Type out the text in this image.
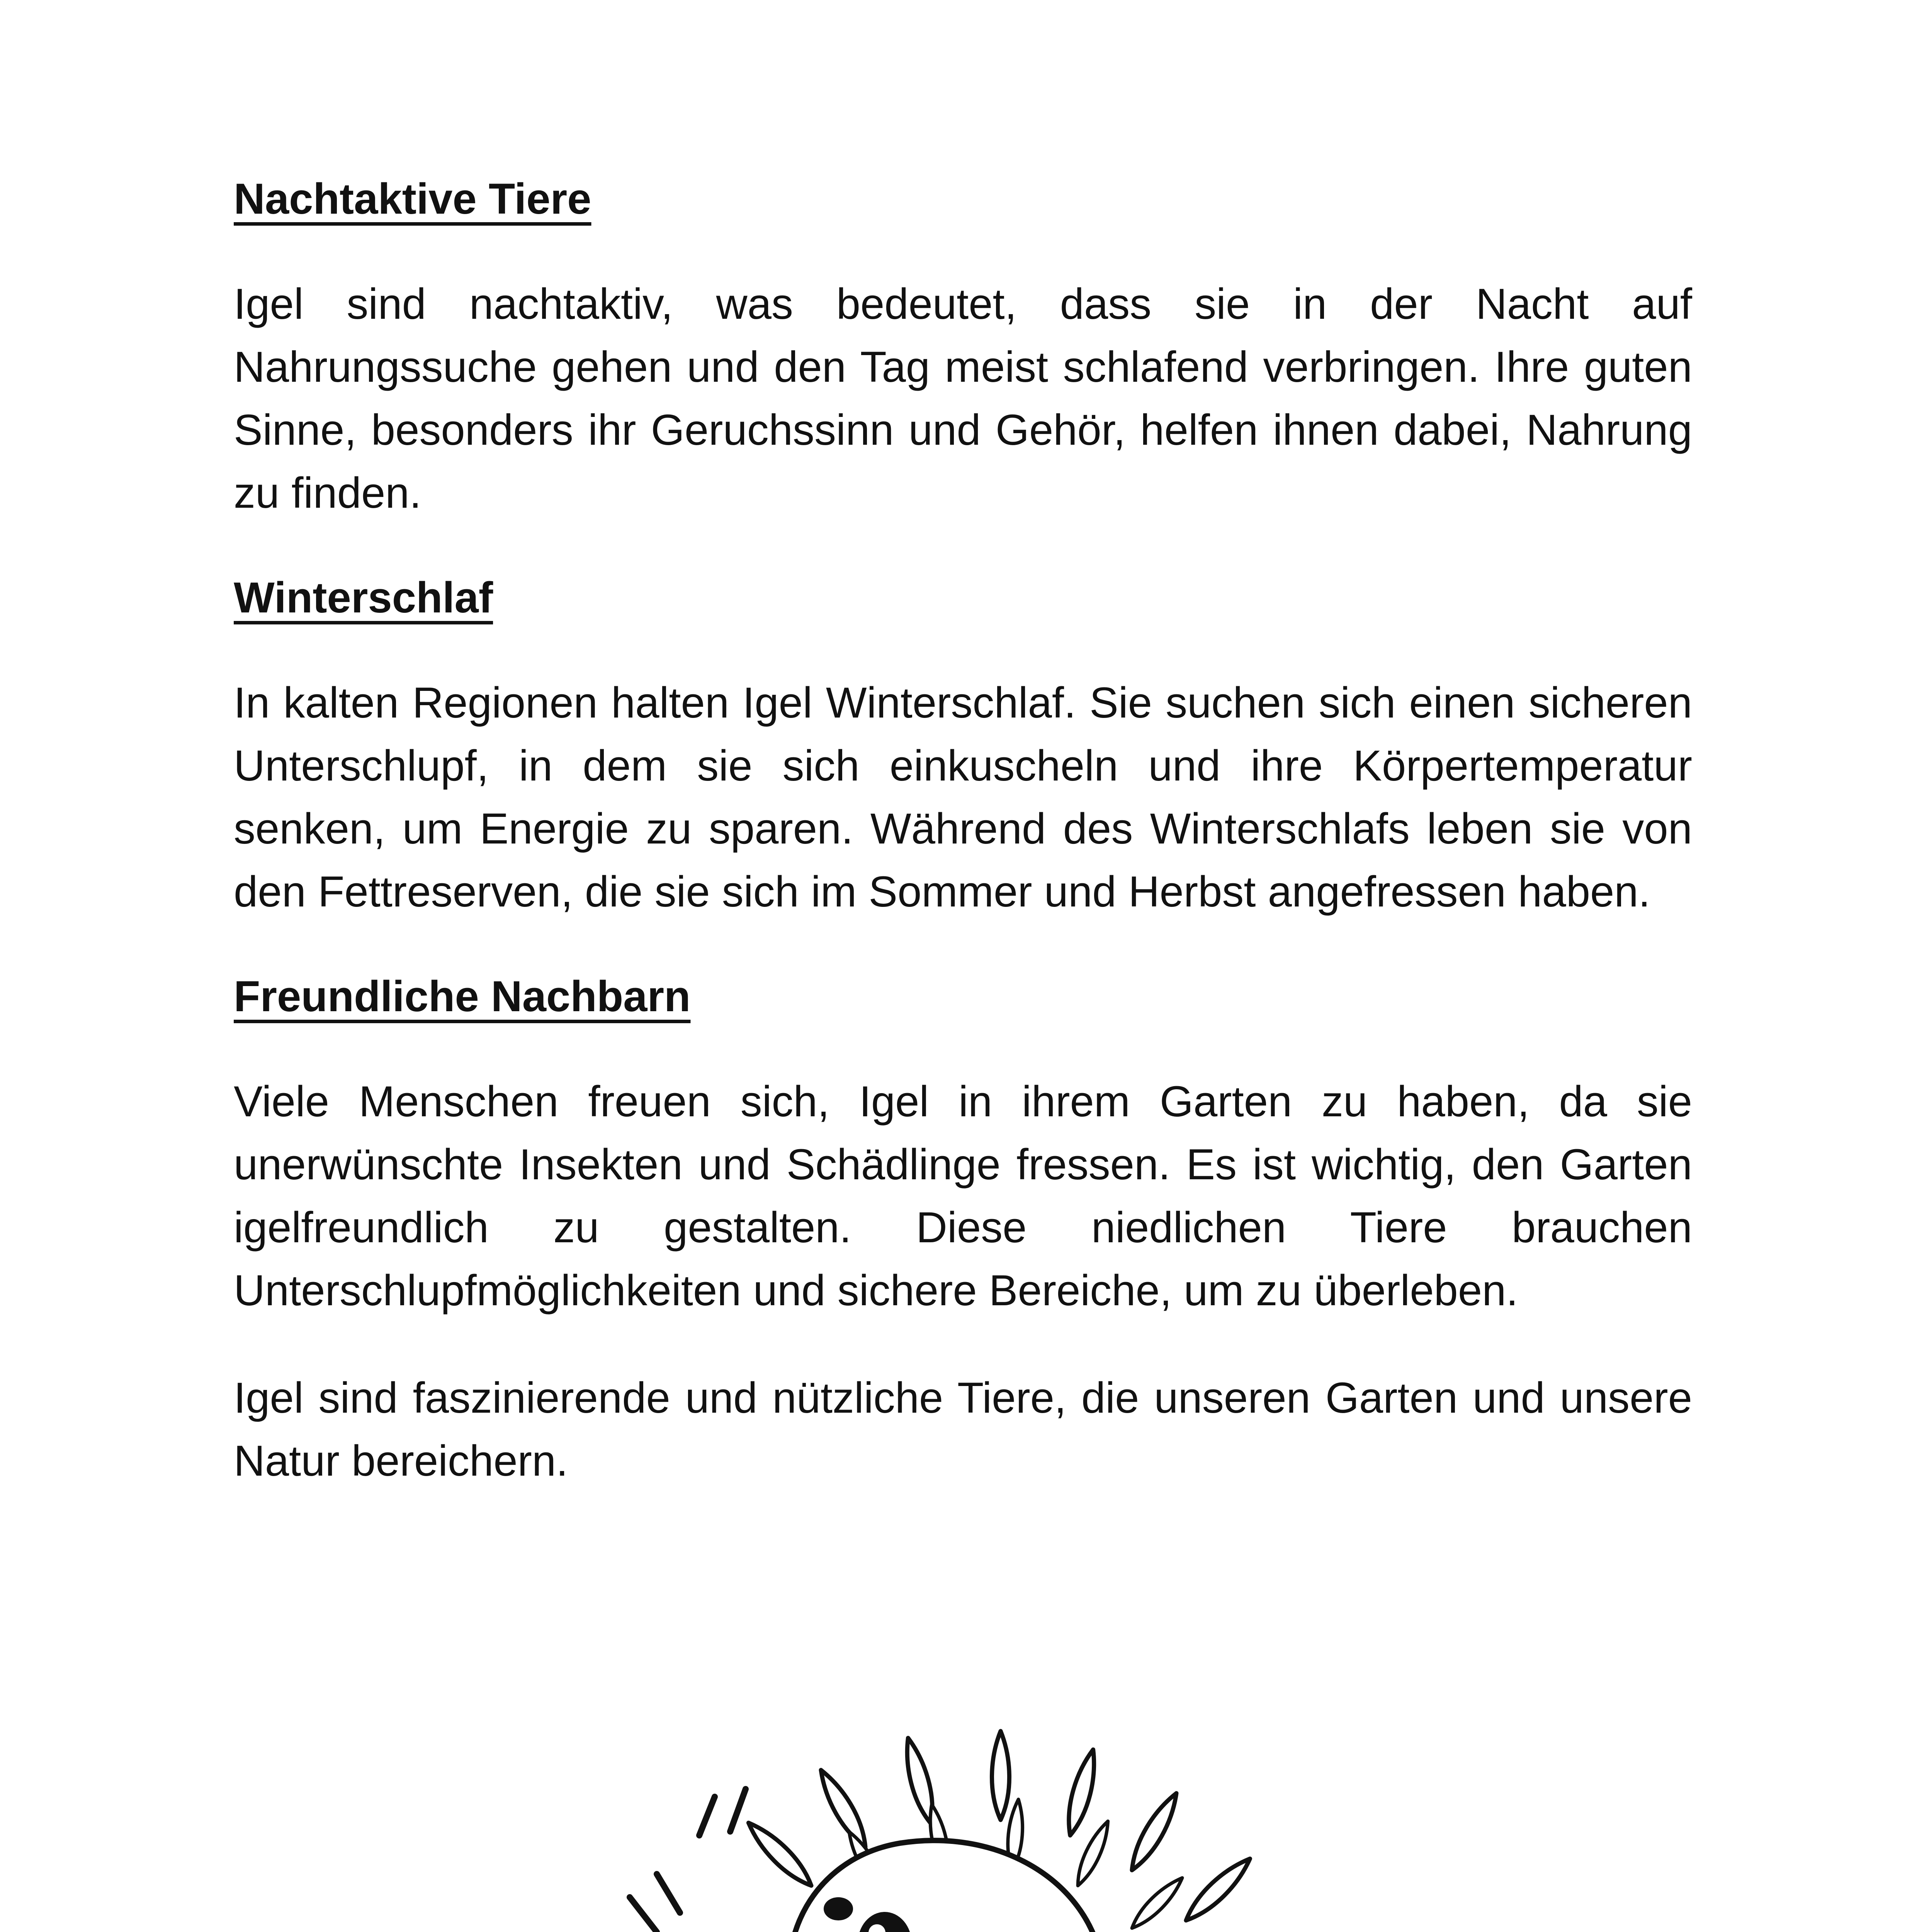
Nachtaktive Tiere

Igel sind nachtaktiv, was bedeutet, dass sie in der Nacht auf Nahrungssuche gehen und den Tag meist schlafend verbringen. Ihre guten Sinne, besonders ihr Geruchssinn und Gehör, helfen ihnen dabei, Nahrung zu finden.

Winterschlaf

In kalten Regionen halten Igel Winterschlaf. Sie suchen sich einen sicheren Unterschlupf, in dem sie sich einkuscheln und ihre Körpertemperatur senken, um Energie zu sparen. Während des Winterschlafs leben sie von den Fettreserven, die sie sich im Sommer und Herbst angefressen haben.

Freundliche Nachbarn

Viele Menschen freuen sich, Igel in ihrem Garten zu haben, da sie unerwünschte Insekten und Schädlinge fressen. Es ist wichtig, den Garten igelfreundlich zu gestalten. Diese niedlichen Tiere brauchen Unterschlupfmöglichkeiten und sichere Bereiche, um zu überleben.

Igel sind faszinierende und nützliche Tiere, die unseren Garten und unsere Natur bereichern.
